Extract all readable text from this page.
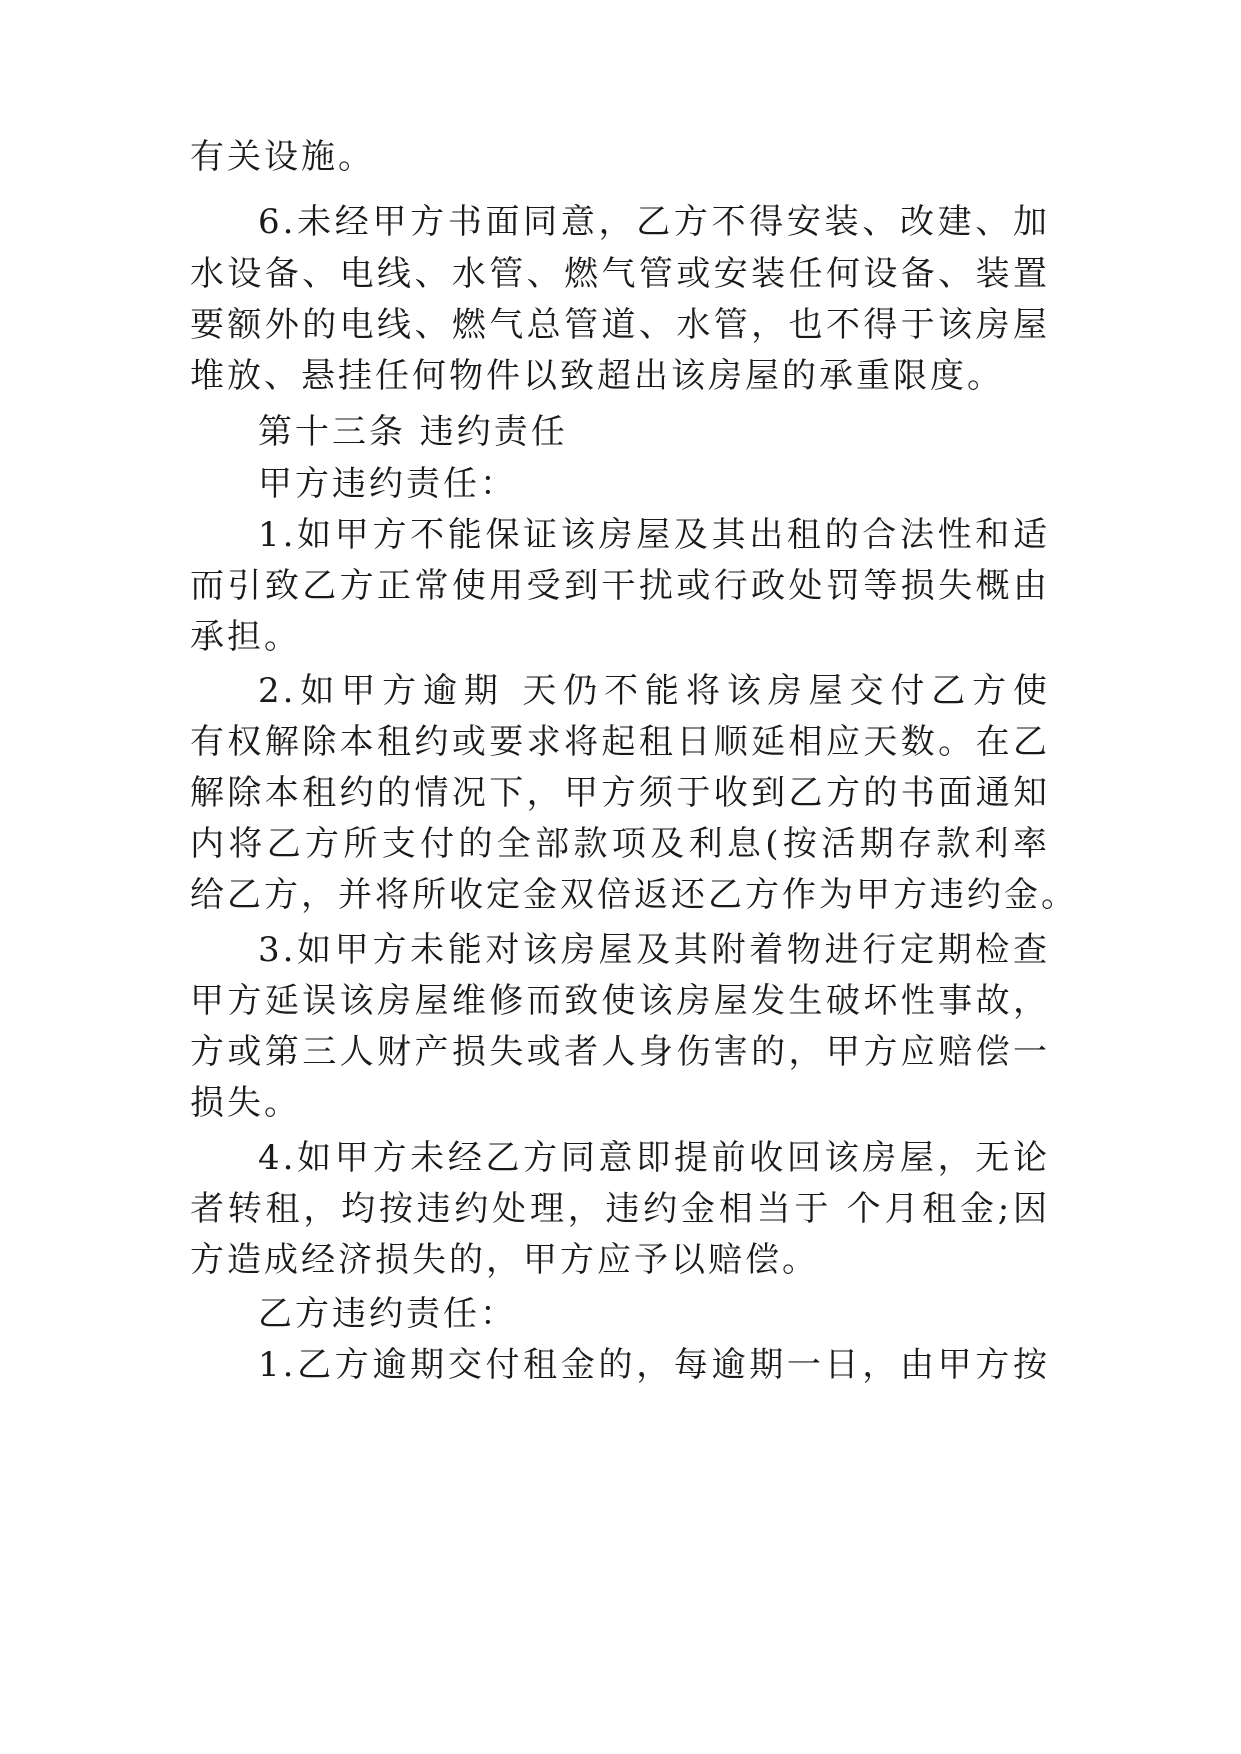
有关设施。
6.未经甲方书面同意，乙方不得安装、改建、加
水设备、电线、水管、燃气管或安装任何设备、装置
要额外的电线、燃气总管道、水管，也不得于该房屋
堆放、悬挂任何物件以致超出该房屋的承重限度。
第十三条 违约责任
甲方违约责任：
1.如甲方不能保证该房屋及其出租的合法性和适
而引致乙方正常使用受到干扰或行政处罚等损失概由
承担。
2.如甲方逾期 天仍不能将该房屋交付乙方使
有权解除本租约或要求将起租日顺延相应天数。在乙
解除本租约的情况下，甲方须于收到乙方的书面通知
内将乙方所支付的全部款项及利息(按活期存款利率
给乙方，并将所收定金双倍返还乙方作为甲方违约金。
3.如甲方未能对该房屋及其附着物进行定期检查
甲方延误该房屋维修而致使该房屋发生破坏性事故，
方或第三人财产损失或者人身伤害的，甲方应赔偿一
损失。
4.如甲方未经乙方同意即提前收回该房屋，无论
者转租，均按违约处理，违约金相当于 个月租金;因
方造成经济损失的，甲方应予以赔偿。
乙方违约责任：
1.乙方逾期交付租金的，每逾期一日，由甲方按
